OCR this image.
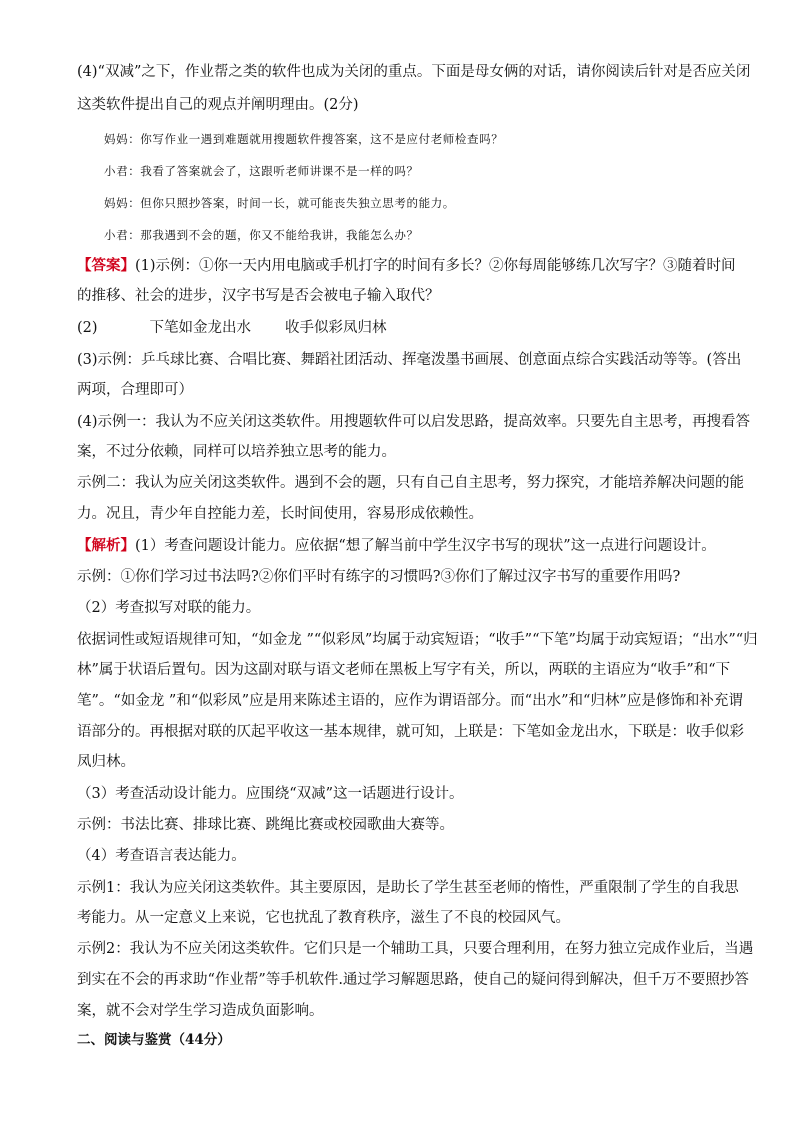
(4)“双减”之下，作业帮之类的软件也成为关闭的重点。下面是母女俩的对话，请你阅读后针对是否应关闭
这类软件提出自己的观点并阐明理由。(2分)
妈妈：你写作业一遇到难题就用搜题软件搜答案，这不是应付老师检查吗？
小君：我看了答案就会了，这跟听老师讲课不是一样的吗？
妈妈：但你只照抄答案，时间一长，就可能丧失独立思考的能力。
小君：那我遇到不会的题，你又不能给我讲，我能怎么办？
【答案】(1)示例：①你一天内用电脑或手机打字的时间有多长？②你每周能够练几次写字？③随着时间
的推移、社会的进步，汉字书写是否会被电子输入取代？
(2)	下笔如金龙出水 收手似彩凤归林
(3)示例：乒乓球比赛、合唱比赛、舞蹈社团活动、挥毫泼墨书画展、创意面点综合实践活动等等。(答出
两项，合理即可）
(4)示例一：我认为不应关闭这类软件。用搜题软件可以启发思路，提高效率。只要先自主思考，再搜看答
案，不过分依赖，同样可以培养独立思考的能力。
示例二：我认为应关闭这类软件。遇到不会的题，只有自己自主思考，努力探究，才能培养解决问题的能
力。况且，青少年自控能力差，长时间使用，容易形成依赖性。
【解析】(1）考查问题设计能力。应依据“想了解当前中学生汉字书写的现状”这一点进行问题设计。
示例：①你们学习过书法吗?②你们平时有练字的习惯吗?③你们了解过汉字书写的重要作用吗?
（2）考查拟写对联的能力。
依据词性或短语规律可知，“如金龙 ”“似彩凤”均属于动宾短语；“收手”“下笔”均属于动宾短语；“出水”“归
林”属于状语后置句。因为这副对联与语文老师在黑板上写字有关，所以，两联的主语应为“收手”和“下
笔”。“如金龙 ”和“似彩凤”应是用来陈述主语的，应作为谓语部分。而“出水”和“归林”应是修饰和补充谓
语部分的。再根据对联的仄起平收这一基本规律，就可知，上联是：下笔如金龙出水，下联是：收手似彩
凤归林。
（3）考查活动设计能力。应围绕“双减”这一话题进行设计。
示例：书法比赛、排球比赛、跳绳比赛或校园歌曲大赛等。
（4）考查语言表达能力。
示例1：我认为应关闭这类软件。其主要原因，是助长了学生甚至老师的惰性，严重限制了学生的自我思
考能力。从一定意义上来说，它也扰乱了教育秩序，滋生了不良的校园风气。
示例2：我认为不应关闭这类软件。它们只是一个辅助工具，只要合理利用，在努力独立完成作业后，当遇
到实在不会的再求助“作业帮”等手机软件.通过学习解题思路，使自己的疑问得到解决，但千万不要照抄答
案，就不会对学生学习造成负面影响。
二、阅读与鉴赏（44分）
